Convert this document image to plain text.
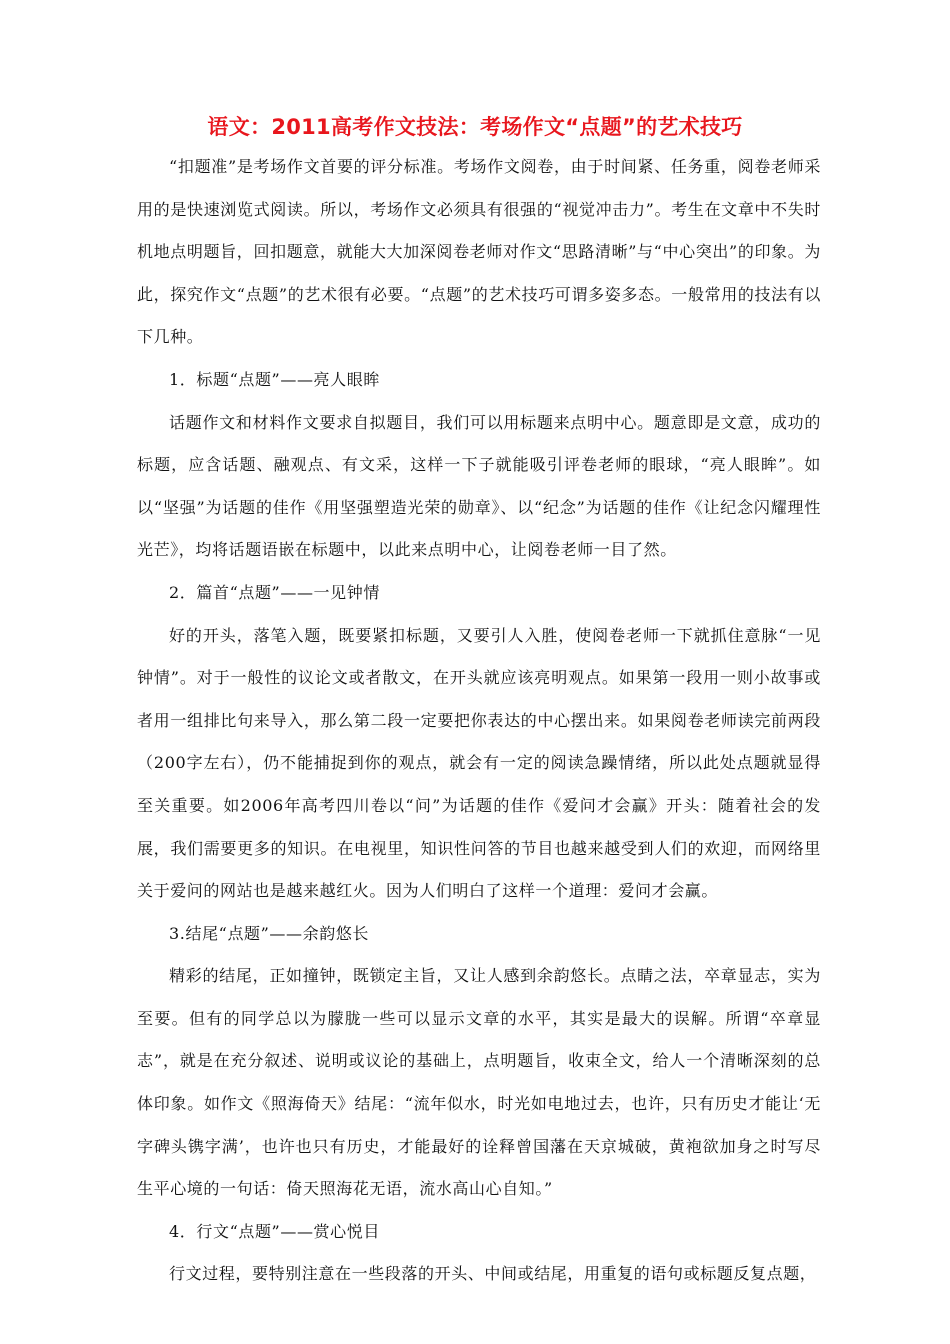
语文：2011高考作文技法：考场作文“点题”的艺术技巧

“扣题准”是考场作文首要的评分标准。考场作文阅卷，由于时间紧、任务重，阅卷老师采用的是快速浏览式阅读。所以，考场作文必须具有很强的“视觉冲击力”。考生在文章中不失时机地点明题旨，回扣题意，就能大大加深阅卷老师对作文“思路清晰”与“中心突出”的印象。为此，探究作文“点题”的艺术很有必要。“点题”的艺术技巧可谓多姿多态。一般常用的技法有以下几种。

1．标题“点题”——亮人眼眸

话题作文和材料作文要求自拟题目，我们可以用标题来点明中心。题意即是文意，成功的标题，应含话题、融观点、有文采，这样一下子就能吸引评卷老师的眼球，“亮人眼眸”。如以“坚强”为话题的佳作《用坚强塑造光荣的勋章》、以“纪念”为话题的佳作《让纪念闪耀理性光芒》，均将话题语嵌在标题中，以此来点明中心，让阅卷老师一目了然。

2．篇首“点题”——一见钟情

好的开头，落笔入题，既要紧扣标题，又要引人入胜，使阅卷老师一下就抓住意脉“一见钟情”。对于一般性的议论文或者散文，在开头就应该亮明观点。如果第一段用一则小故事或者用一组排比句来导入，那么第二段一定要把你表达的中心摆出来。如果阅卷老师读完前两段（200字左右），仍不能捕捉到你的观点，就会有一定的阅读急躁情绪，所以此处点题就显得至关重要。如2006年高考四川卷以“问”为话题的佳作《爱问才会赢》开头：随着社会的发展，我们需要更多的知识。在电视里，知识性问答的节目也越来越受到人们的欢迎，而网络里关于爱问的网站也是越来越红火。因为人们明白了这样一个道理：爱问才会赢。

3.结尾“点题”——余韵悠长

精彩的结尾，正如撞钟，既锁定主旨，又让人感到余韵悠长。点睛之法，卒章显志，实为至要。但有的同学总以为朦胧一些可以显示文章的水平，其实是最大的误解。所谓“卒章显志”，就是在充分叙述、说明或议论的基础上，点明题旨，收束全文，给人一个清晰深刻的总体印象。如作文《照海倚天》结尾：“流年似水，时光如电地过去，也许，只有历史才能让‘无字碑头镌字满’，也许也只有历史，才能最好的诠释曾国藩在天京城破，黄袍欲加身之时写尽生平心境的一句话：倚天照海花无语，流水高山心自知。”

4．行文“点题”——赏心悦目

行文过程，要特别注意在一些段落的开头、中间或结尾，用重复的语句或标题反复点题，
